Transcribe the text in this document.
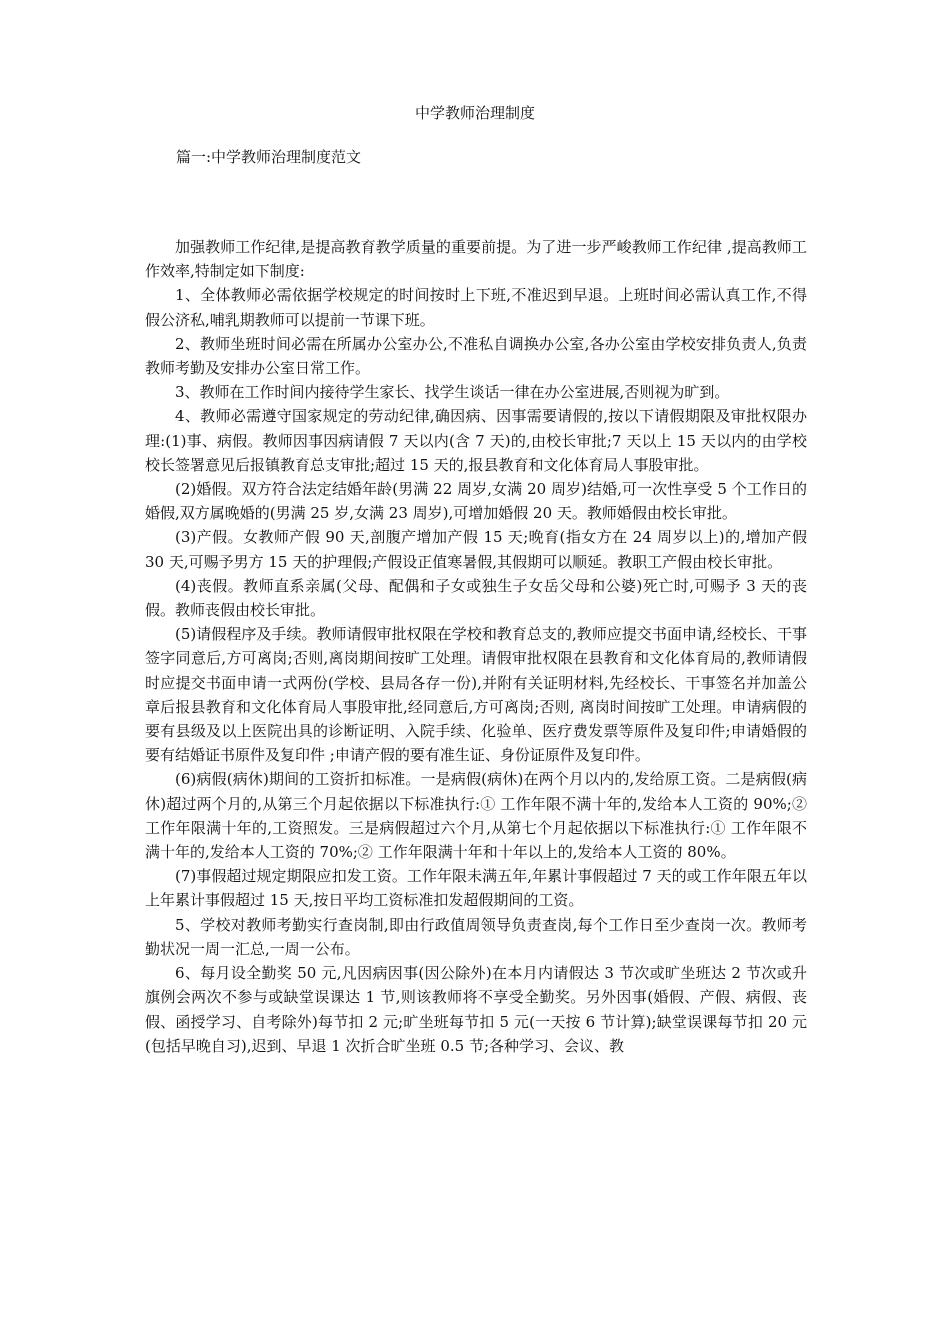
中学教师治理制度
篇一:中学教师治理制度范文

加强教师工作纪律,是提高教育教学质量的重要前提。为了进一步严峻教师工作纪律 ,提高教师工作效率,特制定如下制度:

1、全体教师必需依据学校规定的时间按时上下班,不准迟到早退。上班时间必需认真工作,不得假公济私,哺乳期教师可以提前一节课下班。

2、教师坐班时间必需在所属办公室办公,不准私自调换办公室,各办公室由学校安排负责人,负责教师考勤及安排办公室日常工作。

3、教师在工作时间内接待学生家长、找学生谈话一律在办公室进展,否则视为旷到。

4、教师必需遵守国家规定的劳动纪律,确因病、因事需要请假的,按以下请假期限及审批权限办理:(1)事、病假。教师因事因病请假 7 天以内(含 7 天)的,由校长审批;7 天以上 15 天以内的由学校校长签署意见后报镇教育总支审批;超过 15 天的,报县教育和文化体育局人事股审批。

(2)婚假。双方符合法定结婚年龄(男满 22 周岁,女满 20 周岁)结婚,可一次性享受 5 个工作日的婚假,双方属晚婚的(男满 25 岁,女满 23 周岁),可增加婚假 20 天。教师婚假由校长审批。

(3)产假。女教师产假 90 天,剖腹产增加产假 15 天;晚育(指女方在 24 周岁以上)的,增加产假 30 天,可赐予男方 15 天的护理假;产假设正值寒暑假,其假期可以顺延。教职工产假由校长审批。

(4)丧假。教师直系亲属(父母、配偶和子女或独生子女岳父母和公婆)死亡时,可赐予 3 天的丧假。教师丧假由校长审批。

(5)请假程序及手续。教师请假审批权限在学校和教育总支的,教师应提交书面申请,经校长、干事签字同意后,方可离岗;否则,离岗期间按旷工处理。请假审批权限在县教育和文化体育局的,教师请假时应提交书面申请一式两份(学校、县局各存一份),并附有关证明材料,先经校长、干事签名并加盖公章后报县教育和文化体育局人事股审批,经同意后,方可离岗;否则, 离岗时间按旷工处理。申请病假的要有县级及以上医院出具的诊断证明、入院手续、化验单、医疗费发票等原件及复印件;申请婚假的要有结婚证书原件及复印件 ;申请产假的要有准生证、身份证原件及复印件。

(6)病假(病休)期间的工资折扣标准。一是病假(病休)在两个月以内的,发给原工资。二是病假(病休)超过两个月的,从第三个月起依据以下标准执行:① 工作年限不满十年的,发给本人工资的 90%;② 工作年限满十年的,工资照发。三是病假超过六个月,从第七个月起依据以下标准执行:① 工作年限不满十年的,发给本人工资的 70%;② 工作年限满十年和十年以上的,发给本人工资的 80%。

(7)事假超过规定期限应扣发工资。工作年限未满五年,年累计事假超过 7 天的或工作年限五年以上年累计事假超过 15 天,按日平均工资标准扣发超假期间的工资。

5、学校对教师考勤实行查岗制,即由行政值周领导负责查岗,每个工作日至少查岗一次。教师考勤状况一周一汇总,一周一公布。

6、每月设全勤奖 50 元,凡因病因事(因公除外)在本月内请假达 3 节次或旷坐班达 2 节次或升旗例会两次不参与或缺堂误课达 1 节,则该教师将不享受全勤奖。另外因事(婚假、产假、病假、丧假、函授学习、自考除外)每节扣 2 元;旷坐班每节扣 5 元(一天按 6 节计算);缺堂误课每节扣 20 元(包括早晚自习),迟到、早退 1 次折合旷坐班 0.5 节;各种学习、会议、教
